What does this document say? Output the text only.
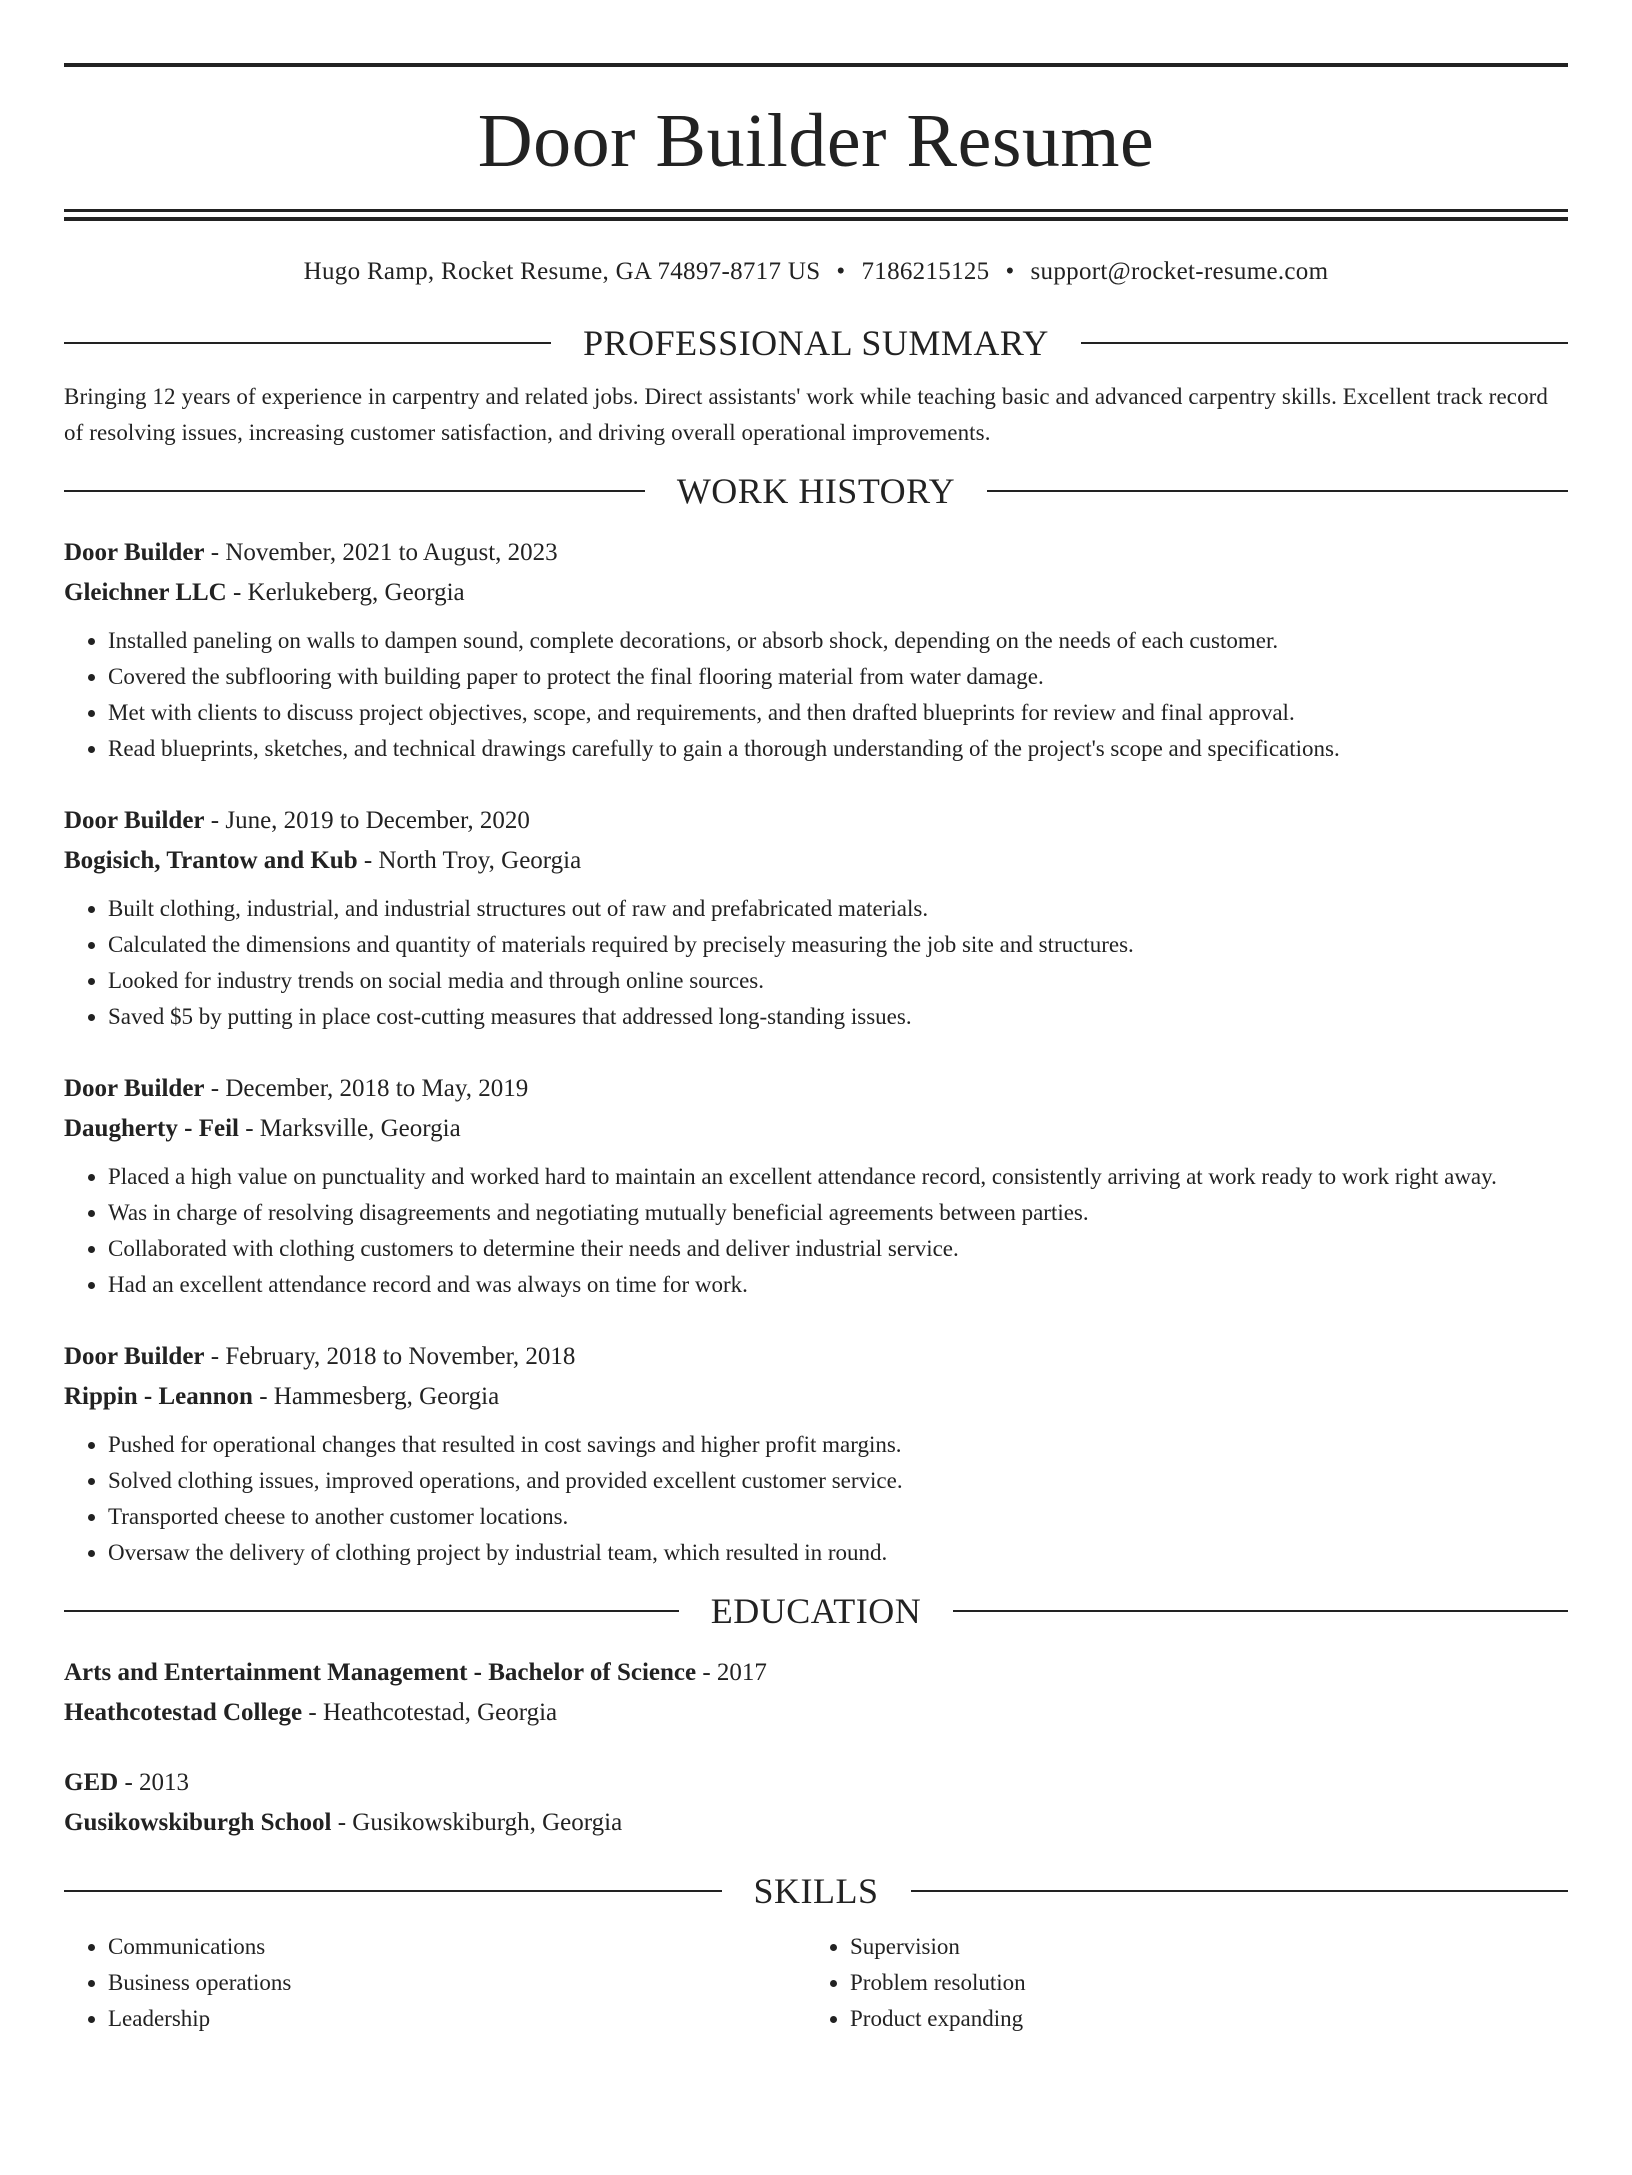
Door Builder Resume
Hugo Ramp, Rocket Resume, GA 74897-8717 US • 7186215125 • support@rocket-resume.com
PROFESSIONAL SUMMARY
Bringing 12 years of experience in carpentry and related jobs. Direct assistants' work while teaching basic and advanced carpentry skills. Excellent track record of resolving issues, increasing customer satisfaction, and driving overall operational improvements.
WORK HISTORY
Door Builder - November, 2021 to August, 2023
Gleichner LLC - Kerlukeberg, Georgia
• Installed paneling on walls to dampen sound, complete decorations, or absorb shock, depending on the needs of each customer.
• Covered the subflooring with building paper to protect the final flooring material from water damage.
• Met with clients to discuss project objectives, scope, and requirements, and then drafted blueprints for review and final approval.
• Read blueprints, sketches, and technical drawings carefully to gain a thorough understanding of the project's scope and specifications.
Door Builder - June, 2019 to December, 2020
Bogisich, Trantow and Kub - North Troy, Georgia
• Built clothing, industrial, and industrial structures out of raw and prefabricated materials.
• Calculated the dimensions and quantity of materials required by precisely measuring the job site and structures.
• Looked for industry trends on social media and through online sources.
• Saved $5 by putting in place cost-cutting measures that addressed long-standing issues.
Door Builder - December, 2018 to May, 2019
Daugherty - Feil - Marksville, Georgia
• Placed a high value on punctuality and worked hard to maintain an excellent attendance record, consistently arriving at work ready to work right away.
• Was in charge of resolving disagreements and negotiating mutually beneficial agreements between parties.
• Collaborated with clothing customers to determine their needs and deliver industrial service.
• Had an excellent attendance record and was always on time for work.
Door Builder - February, 2018 to November, 2018
Rippin - Leannon - Hammesberg, Georgia
• Pushed for operational changes that resulted in cost savings and higher profit margins.
• Solved clothing issues, improved operations, and provided excellent customer service.
• Transported cheese to another customer locations.
• Oversaw the delivery of clothing project by industrial team, which resulted in round.
EDUCATION
Arts and Entertainment Management - Bachelor of Science - 2017
Heathcotestad College - Heathcotestad, Georgia
GED - 2013
Gusikowskiburgh School - Gusikowskiburgh, Georgia
SKILLS
• Communications
• Business operations
• Leadership
• Supervision
• Problem resolution
• Product expanding
